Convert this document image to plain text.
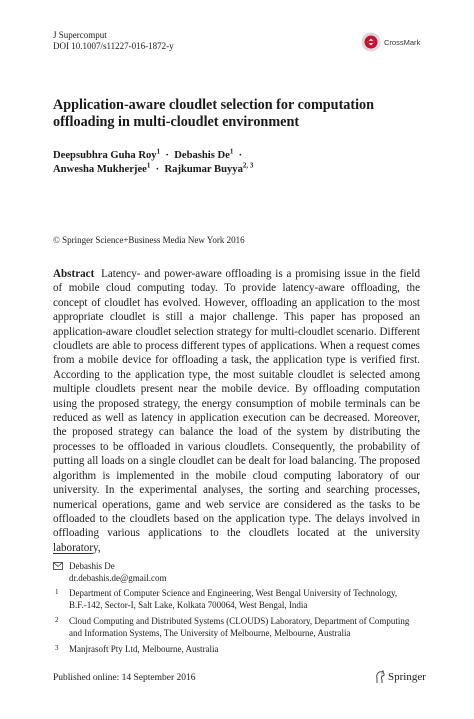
J Supercomput
DOI 10.1007/s11227-016-1872-y	CrossMark
Application-aware cloudlet selection for computation offloading in multi-cloudlet environment
Deepsubhra Guha Roy$^1$  ·  Debashis De$^1$  ·
Anwesha Mukherjee$^1$  ·  Rajkumar Buyya$^{2, 3}$
© Springer Science+Business Media New York 2016

Abstract Latency- and power-aware offloading is a promising issue in the field of mobile cloud computing today. To provide latency-aware offloading, the concept of cloudlet has evolved. However, offloading an application to the most appropriate cloudlet is still a major challenge. This paper has proposed an application-aware cloudlet selection strategy for multi-cloudlet scenario. Different cloudlets are able to process different types of applications. When a request comes from a mobile device for offloading a task, the application type is verified first. According to the application type, the most suitable cloudlet is selected among multiple cloudlets present near the mobile device. By offloading computation using the proposed strategy, the energy consumption of mobile terminals can be reduced as well as latency in application execution can be decreased. Moreover, the proposed strategy can balance the load of the system by distributing the processes to be offloaded in various cloudlets. Consequently, the probability of putting all loads on a single cloudlet can be dealt for load balancing. The proposed algorithm is implemented in the mobile cloud computing laboratory of our university. In the experimental analyses, the sorting and searching processes, numerical operations, game and web service are considered as the tasks to be offloaded to the cloudlets based on the application type. The delays involved in offloading various applications to the cloudlets located at the university laboratory,

Debashis De
dr.debashis.de@gmail.com
1 Department of Computer Science and Engineering, West Bengal University of Technology, B.F.-142, Sector-I, Salt Lake, Kolkata 700064, West Bengal, India
2 Cloud Computing and Distributed Systems (CLOUDS) Laboratory, Department of Computing and Information Systems, The University of Melbourne, Melbourne, Australia
3 Manjrasoft Pty Ltd, Melbourne, Australia
Published online: 14 September 2016	Springer
